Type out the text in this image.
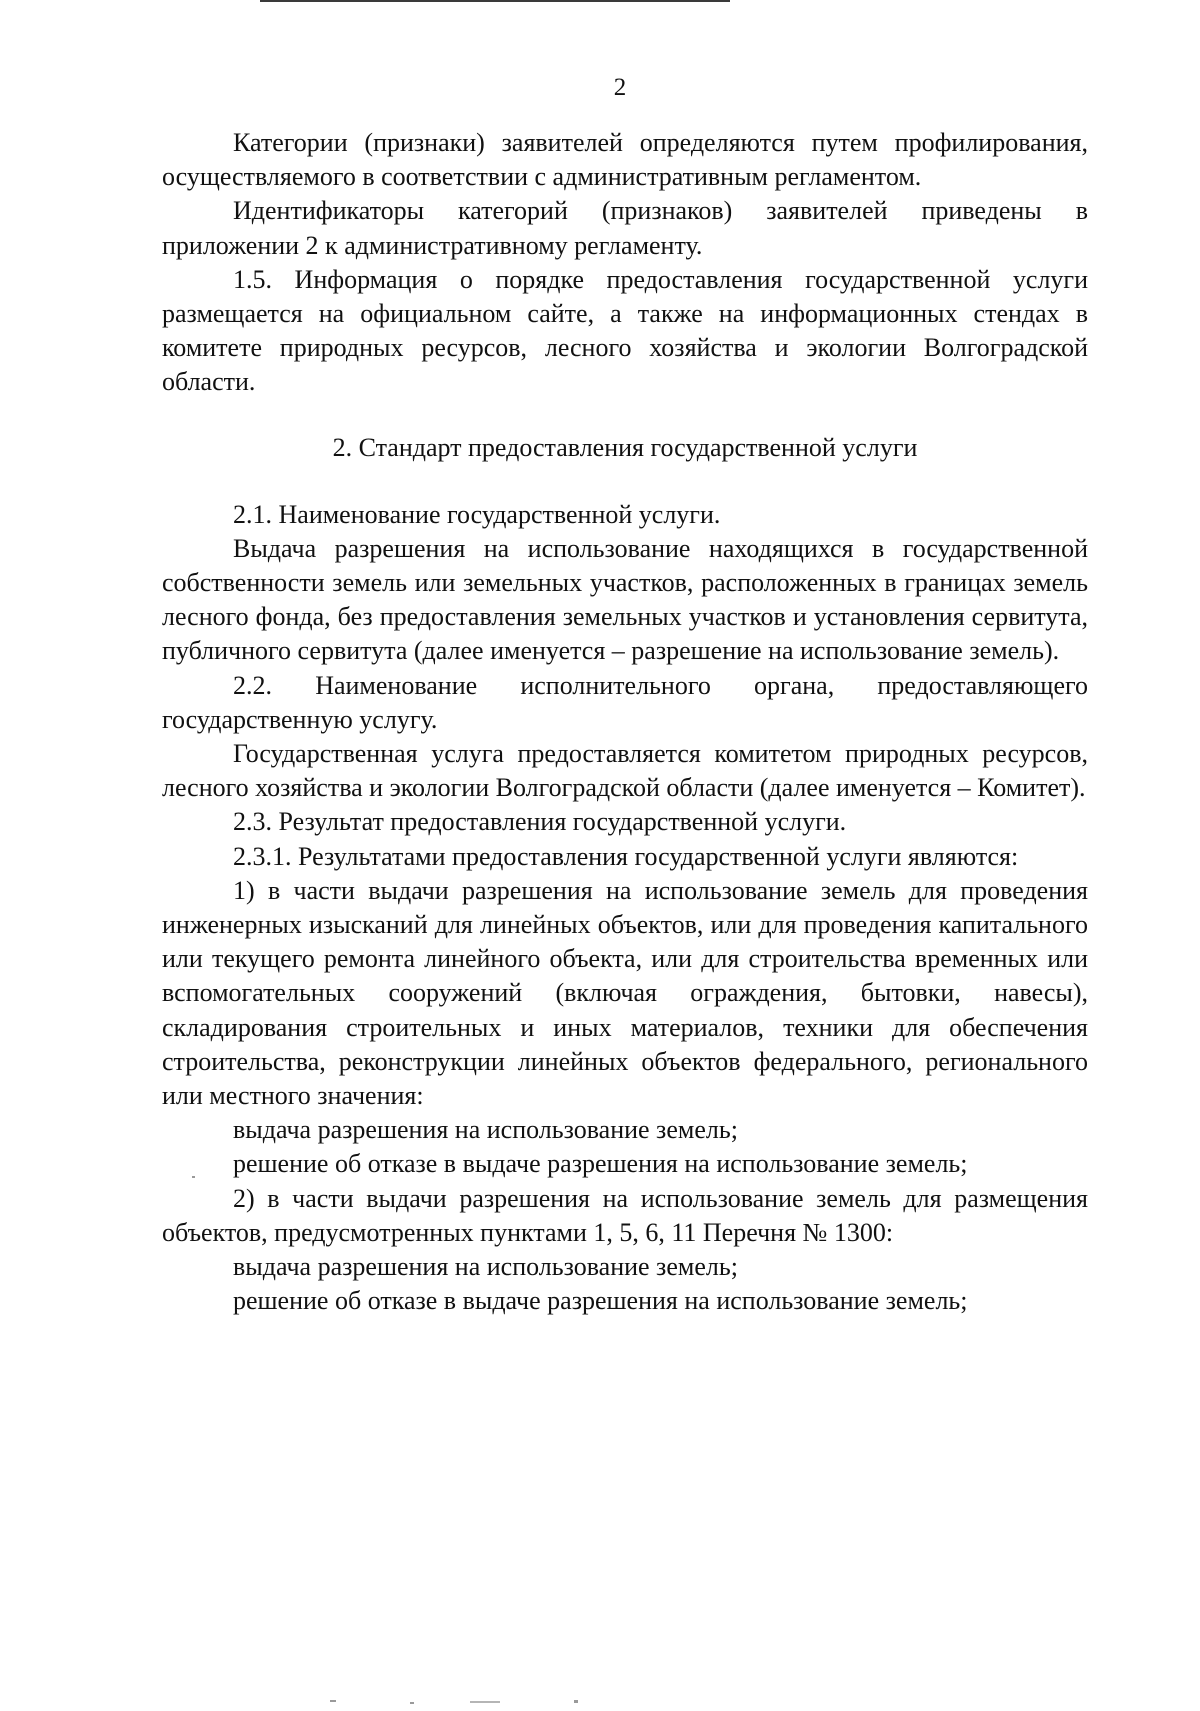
2

Категории (признаки) заявителей определяются путем профилирования, осуществляемого в соответствии с административным регламентом.

Идентификаторы категорий (признаков) заявителей приведены в приложении 2 к административному регламенту.

1.5. Информация о порядке предоставления государственной услуги размещается на официальном сайте, а также на информационных стендах в комитете природных ресурсов, лесного хозяйства и экологии Волгоградской области.

2. Стандарт предоставления государственной услуги

2.1. Наименование государственной услуги.

Выдача разрешения на использование находящихся в государственной собственности земель или земельных участков, расположенных в границах земель лесного фонда, без предоставления земельных участков и установления сервитута, публичного сервитута (далее именуется – разрешение на использование земель).

2.2. Наименование исполнительного органа, предоставляющего государственную услугу.

Государственная услуга предоставляется комитетом природных ресурсов, лесного хозяйства и экологии Волгоградской области (далее именуется – Комитет).

2.3. Результат предоставления государственной услуги.

2.3.1. Результатами предоставления государственной услуги являются:

1) в части выдачи разрешения на использование земель для проведения инженерных изысканий для линейных объектов, или для проведения капитального или текущего ремонта линейного объекта, или для строительства временных или вспомогательных сооружений (включая ограждения, бытовки, навесы), складирования строительных и иных материалов, техники для обеспечения строительства, реконструкции линейных объектов федерального, регионального или местного значения:

выдача разрешения на использование земель;

решение об отказе в выдаче разрешения на использование земель;

2) в части выдачи разрешения на использование земель для размещения объектов, предусмотренных пунктами 1, 5, 6, 11 Перечня № 1300:

выдача разрешения на использование земель;

решение об отказе в выдаче разрешения на использование земель;
